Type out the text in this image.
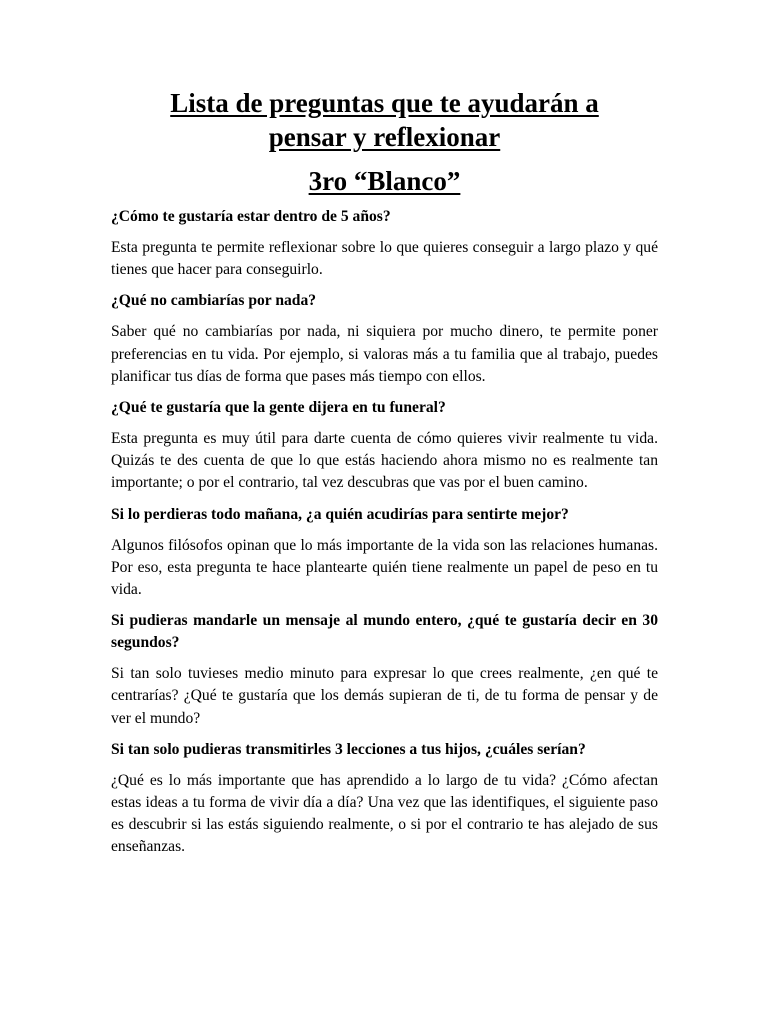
Lista de preguntas que te ayudarán a
pensar y reflexionar
3ro “Blanco”

¿Cómo te gustaría estar dentro de 5 años?

Esta pregunta te permite reflexionar sobre lo que quieres conseguir a largo plazo y qué tienes que hacer para conseguirlo.

¿Qué no cambiarías por nada?

Saber qué no cambiarías por nada, ni siquiera por mucho dinero, te permite poner preferencias en tu vida. Por ejemplo, si valoras más a tu familia que al trabajo, puedes planificar tus días de forma que pases más tiempo con ellos.

¿Qué te gustaría que la gente dijera en tu funeral?

Esta pregunta es muy útil para darte cuenta de cómo quieres vivir realmente tu vida. Quizás te des cuenta de que lo que estás haciendo ahora mismo no es realmente tan importante; o por el contrario, tal vez descubras que vas por el buen camino.

Si lo perdieras todo mañana, ¿a quién acudirías para sentirte mejor?

Algunos filósofos opinan que lo más importante de la vida son las relaciones humanas. Por eso, esta pregunta te hace plantearte quién tiene realmente un papel de peso en tu vida.

Si pudieras mandarle un mensaje al mundo entero, ¿qué te gustaría decir en 30 segundos?

Si tan solo tuvieses medio minuto para expresar lo que crees realmente, ¿en qué te centrarías? ¿Qué te gustaría que los demás supieran de ti, de tu forma de pensar y de ver el mundo?

Si tan solo pudieras transmitirles 3 lecciones a tus hijos, ¿cuáles serían?

¿Qué es lo más importante que has aprendido a lo largo de tu vida? ¿Cómo afectan estas ideas a tu forma de vivir día a día? Una vez que las identifiques, el siguiente paso es descubrir si las estás siguiendo realmente, o si por el contrario te has alejado de sus enseñanzas.
